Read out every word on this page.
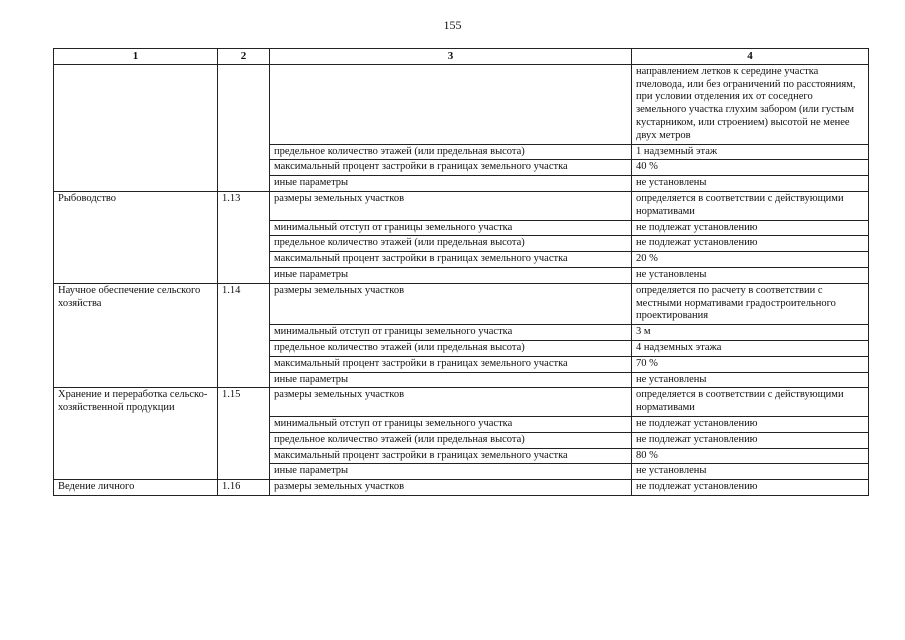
155
1	2	3	4
			направлением летков к середине участка пчеловода, или без ограничений по расстояниям, при условии отделения их от соседнего земельного участка глухим забором (или густым кустарником, или строением) высотой не менее двух метров
		предельное количество этажей (или предельная высота)	1 надземный этаж
		максимальный процент застройки в границах земельного участка	40 %
		иные параметры	не установлены
Рыбоводство	1.13	размеры земельных участков	определяется в соответствии с действующими нормативами
		минимальный отступ от границы земельного участка	не подлежат установлению
		предельное количество этажей (или предельная высота)	не подлежат установлению
		максимальный процент застройки в границах земельного участка	20 %
		иные параметры	не установлены
Научное обеспечение сельского хозяйства	1.14	размеры земельных участков	определяется по расчету в соответствии с местными нормативами градостроительного проектирования
		минимальный отступ от границы земельного участка	3 м
		предельное количество этажей (или предельная высота)	4 надземных этажа
		максимальный процент застройки в границах земельного участка	70 %
		иные параметры	не установлены
Хранение и переработка сельско-хозяйственной продукции	1.15	размеры земельных участков	определяется в соответствии с действующими нормативами
		минимальный отступ от границы земельного участка	не подлежат установлению
		предельное количество этажей (или предельная высота)	не подлежат установлению
		максимальный процент застройки в границах земельного участка	80 %
		иные параметры	не установлены
Ведение личного	1.16	размеры земельных участков	не подлежат установлению
